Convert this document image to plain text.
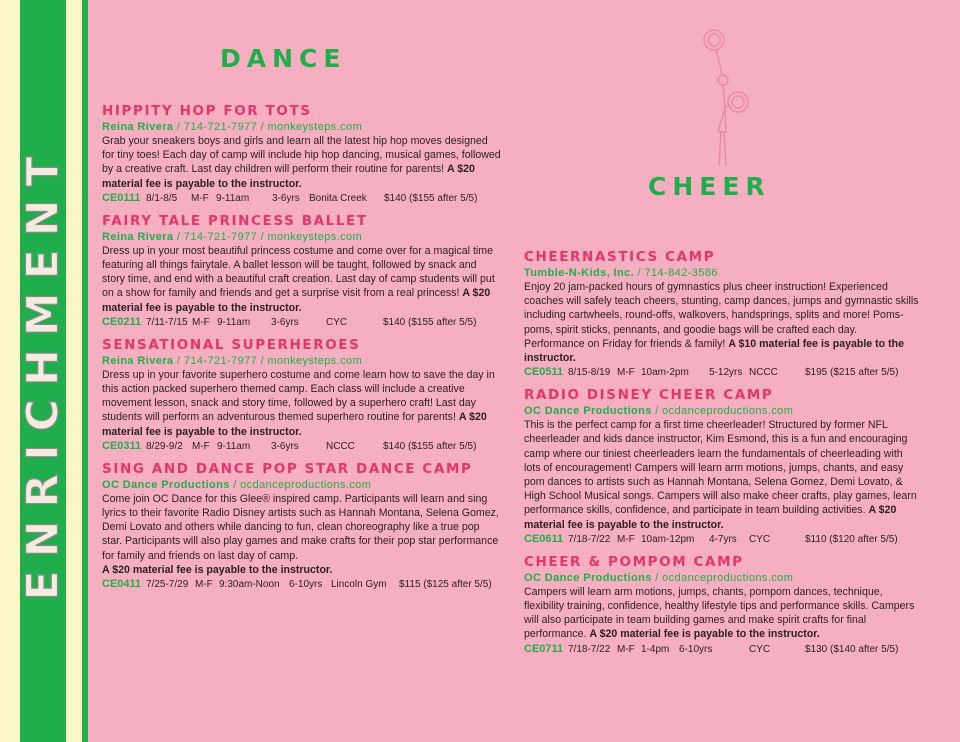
ENRICHMENT
DANCE
CHEER
HIPPITY HOP FOR TOTS
Reina Rivera / 714-721-7977 / monkeysteps.com
Grab your sneakers boys and girls and learn all the latest hip hop moves designed for tiny toes! Each day of camp will include hip hop dancing, musical games, followed by a creative craft. Last day children will perform their routine for parents! A $20 material fee is payable to the instructor.
CE0111 8/1-8/5	M-F 9-11am	3-6yrs Bonita Creek	$140 ($155 after 5/5)
FAIRY TALE PRINCESS BALLET
Reina Rivera / 714-721-7977 / monkeysteps.com
Dress up in your most beautiful princess costume and come over for a magical time featuring all things fairytale. A ballet lesson will be taught, followed by snack and story time, and end with a beautiful craft creation. Last day of camp students will put on a show for family and friends and get a surprise visit from a real princess! A $20 material fee is payable to the instructor.
CE0211 7/11-7/15 M-F 9-11am	3-6yrs	CYC	$140 ($155 after 5/5)
SENSATIONAL SUPERHEROES
Reina Rivera / 714-721-7977 / monkeysteps.com
Dress up in your favorite superhero costume and come learn how to save the day in this action packed superhero themed camp. Each class will include a creative movement lesson, snack and story time, followed by a superhero craft! Last day students will perform an adventurous themed superhero routine for parents! A $20 material fee is payable to the instructor.
CE0311 8/29-9/2 M-F 9-11am	3-6yrs	NCCC	$140 ($155 after 5/5)
SING AND DANCE POP STAR DANCE CAMP
OC Dance Productions / ocdanceproductions.com
Come join OC Dance for this Glee® inspired camp. Participants will learn and sing lyrics to their favorite Radio Disney artists such as Hannah Montana, Selena Gomez, Demi Lovato and others while dancing to fun, clean choreography like a true pop star. Participants will also play games and make crafts for their pop star performance for family and friends on last day of camp.
A $20 material fee is payable to the instructor.
CE0411 7/25-7/29 M-F 9:30am-Noon 6-10yrs Lincoln Gym	$115 ($125 after 5/5)
CHEERNASTICS CAMP
Tumble-N-Kids, Inc. / 714-842-3586
Enjoy 20 jam-packed hours of gymnastics plus cheer instruction! Experienced coaches will safely teach cheers, stunting, camp dances, jumps and gymnastic skills including cartwheels, round-offs, walkovers, handsprings, splits and more! Poms-poms, spirit sticks, pennants, and goodie bags will be crafted each day. Performance on Friday for friends & family! A $10 material fee is payable to the instructor.
CE0511 8/15-8/19 M-F 10am-2pm	5-12yrs NCCC	$195 ($215 after 5/5)
RADIO DISNEY CHEER CAMP
OC Dance Productions / ocdanceproductions.com
This is the perfect camp for a first time cheerleader! Structured by former NFL cheerleader and kids dance instructor, Kim Esmond, this is a fun and encouraging camp where our tiniest cheerleaders learn the fundamentals of cheerleading with lots of encouragement! Campers will learn arm motions, jumps, chants, and easy pom dances to artists such as Hannah Montana, Selena Gomez, Demi Lovato, & High School Musical songs. Campers will also make cheer crafts, play games, learn performance skills, confidence, and participate in team building activities. A $20 material fee is payable to the instructor.
CE0611 7/18-7/22 M-F 10am-12pm	4-7yrs	CYC	$110 ($120 after 5/5)
CHEER & POMPOM CAMP
OC Dance Productions / ocdanceproductions.com
Campers will learn arm motions, jumps, chants, pompom dances, technique, flexibility training, confidence, healthy lifestyle tips and performance skills. Campers will also participate in team building games and make spirit crafts for final performance. A $20 material fee is payable to the instructor.
CE0711 7/18-7/22 M-F 1-4pm 6-10yrs	CYC	$130 ($140 after 5/5)
